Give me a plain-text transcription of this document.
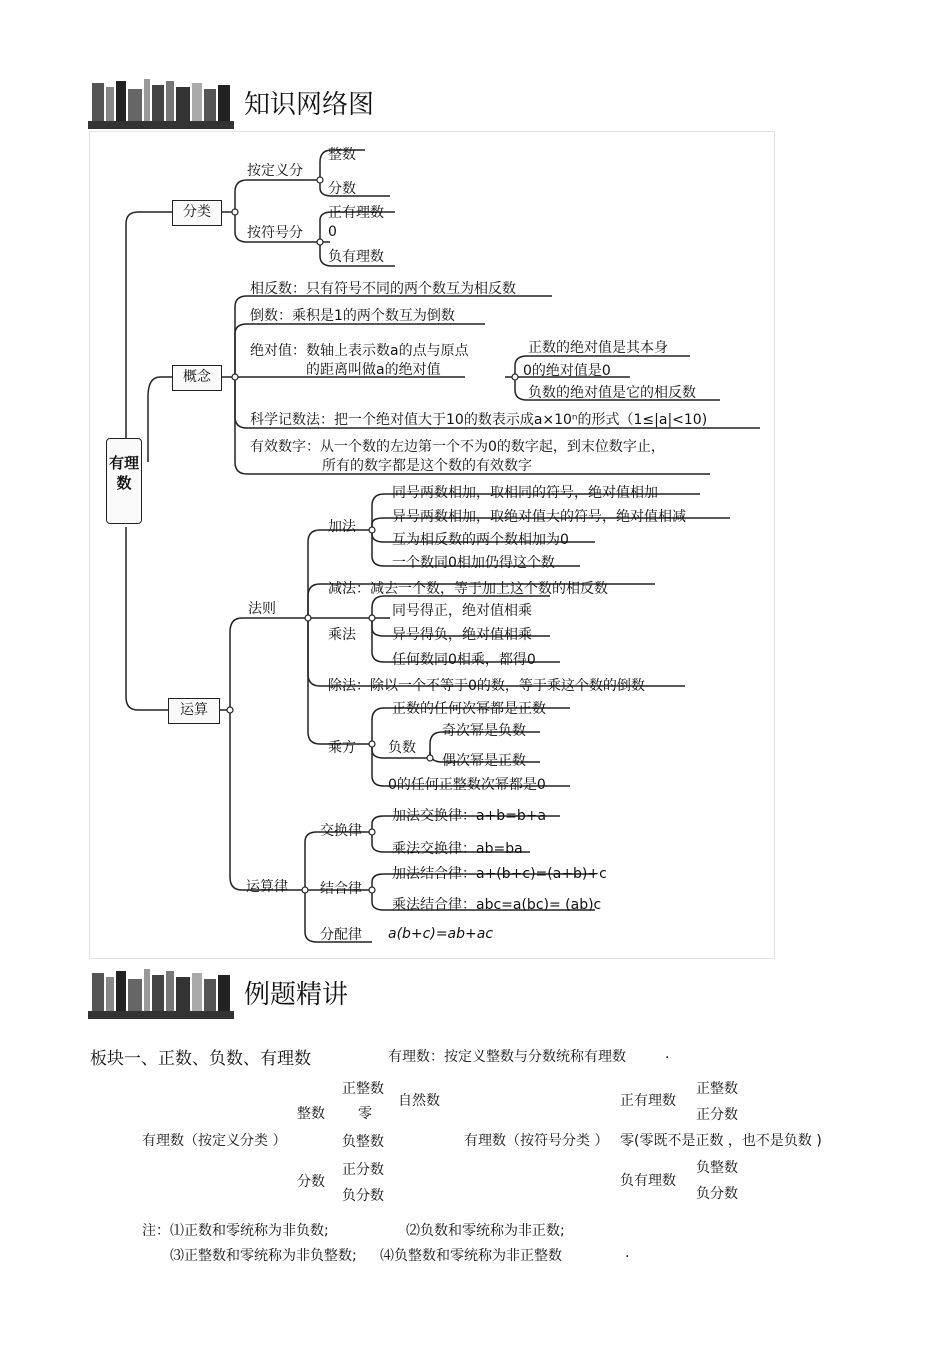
知识网络图
有理数
分类
按定义分
整数
分数
按符号分
正有理数
0
负有理数
概念
相反数：只有符号不同的两个数互为相反数
倒数：乘积是1的两个数互为倒数
绝对值：数轴上表示数a的点与原点
的距离叫做a的绝对值
正数的绝对值是其本身
0的绝对值是0
负数的绝对值是它的相反数
科学记数法：把一个绝对值大于10的数表示成a×10ⁿ的形式（1≤|a|<10)
有效数字：从一个数的左边第一个不为0的数字起，到末位数字止，
所有的数字都是这个数的有效数字
运算
法则
加法
同号两数相加，取相同的符号，绝对值相加
异号两数相加，取绝对值大的符号，绝对值相减
互为相反数的两个数相加为0
一个数同0相加仍得这个数
减法：减去一个数，等于加上这个数的相反数
乘法
同号得正，绝对值相乘
异号得负，绝对值相乘
任何数同0相乘，都得0
除法：除以一个不等于0的数，等于乘这个数的倒数
乘方
正数的任何次幂都是正数
负数
奇次幂是负数
偶次幂是正数
0的任何正整数次幂都是0
运算律
交换律
加法交换律：a+b=b+a
乘法交换律：ab=ba
结合律
加法结合律：a+(b+c)=(a+b)+c
乘法结合律：abc=a(bc)= (ab)c
分配律 a(b+c)=ab+ac
例题精讲
板块一、正数、负数、有理数	有理数：按定义整数与分数统称有理数	.
有理数（按定义分类 ）
整数
正整数
零
自然数
负整数
分数
正分数
负分数
有理数（按符号分类 ）
正有理数
正整数
正分数
零(零既不是正数 ，也不是负数 )
负有理数
负整数
负分数
注：⑴正数和零统称为非负数;	⑵负数和零统称为非正数;
⑶正整数和零统称为非负整数; ⑷负整数和零统称为非正整数	.
